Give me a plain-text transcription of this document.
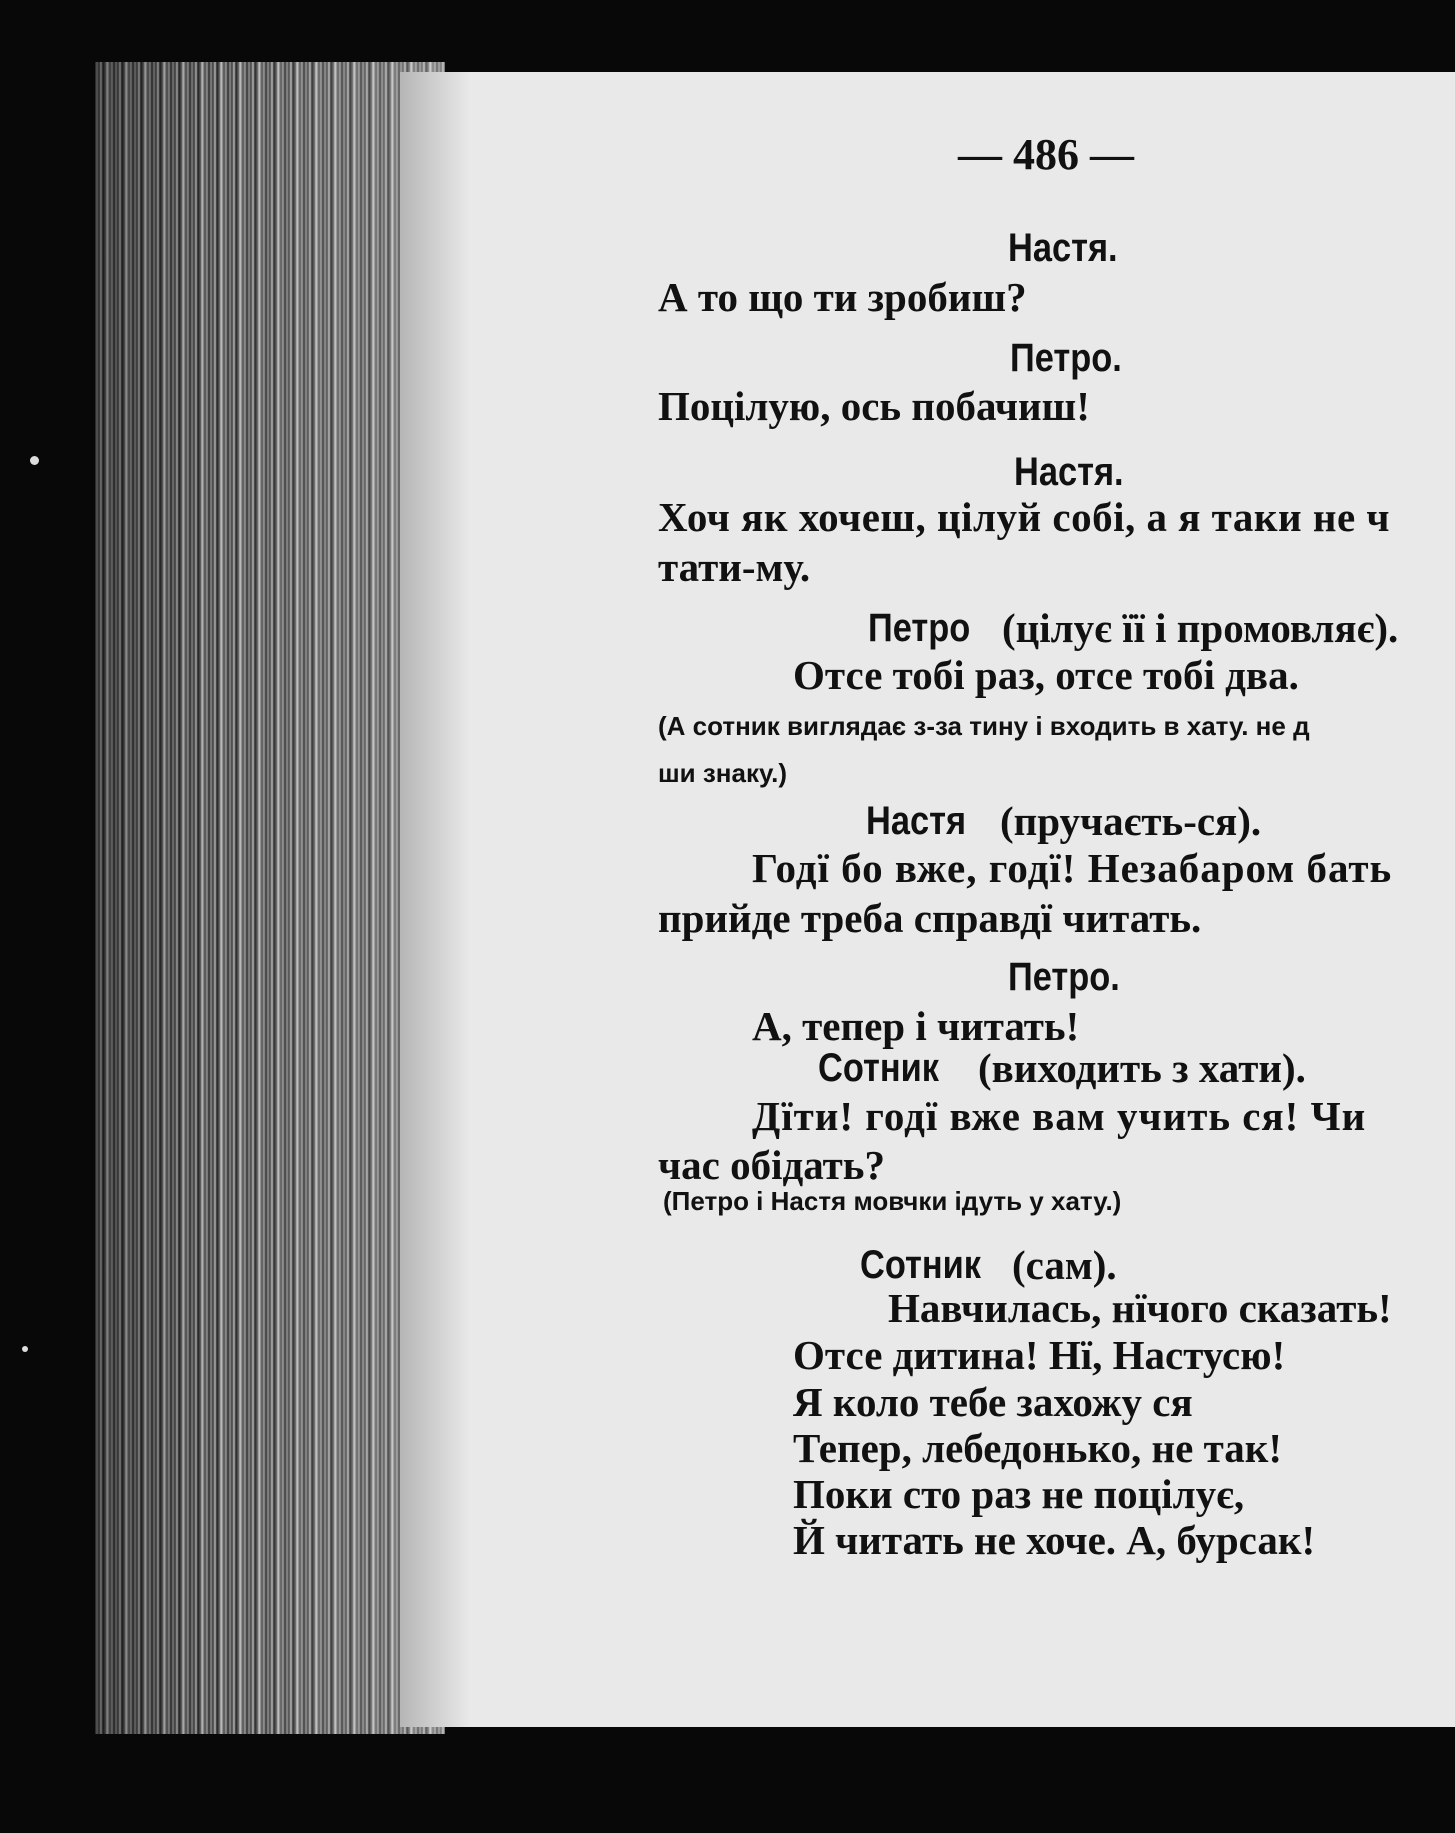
— 486 —
Настя.
А то що ти зробиш?
Петро.
Поцілую, ось побачиш!
Настя.
Хоч як хочеш, цілуй собі, а я таки не ч
тати-му.
Петро (цілує її і промовляє).
Отсе тобі раз, отсе тобі два.
(А сотник виглядає з-за тину і входить в хату. не д
ши знаку.)
Настя (пручаєть-ся).
Годї бо вже, годї! Незабаром бать
прийде треба справдї читать.
Петро.
А, тепер і читать!
Сотник (виходить з хати).
Дїти! годї вже вам учить ся! Чи
час обідать?
(Петро і Настя мовчки ідуть у хату.)
Сотник (сам).
Навчилась, нїчого сказать!
Отсе дитина! Нї, Настусю!
Я коло тебе захожу ся
Тепер, лебедонько, не так!
Поки сто раз не поцілує,
Й читать не хоче. А, бурсак!
